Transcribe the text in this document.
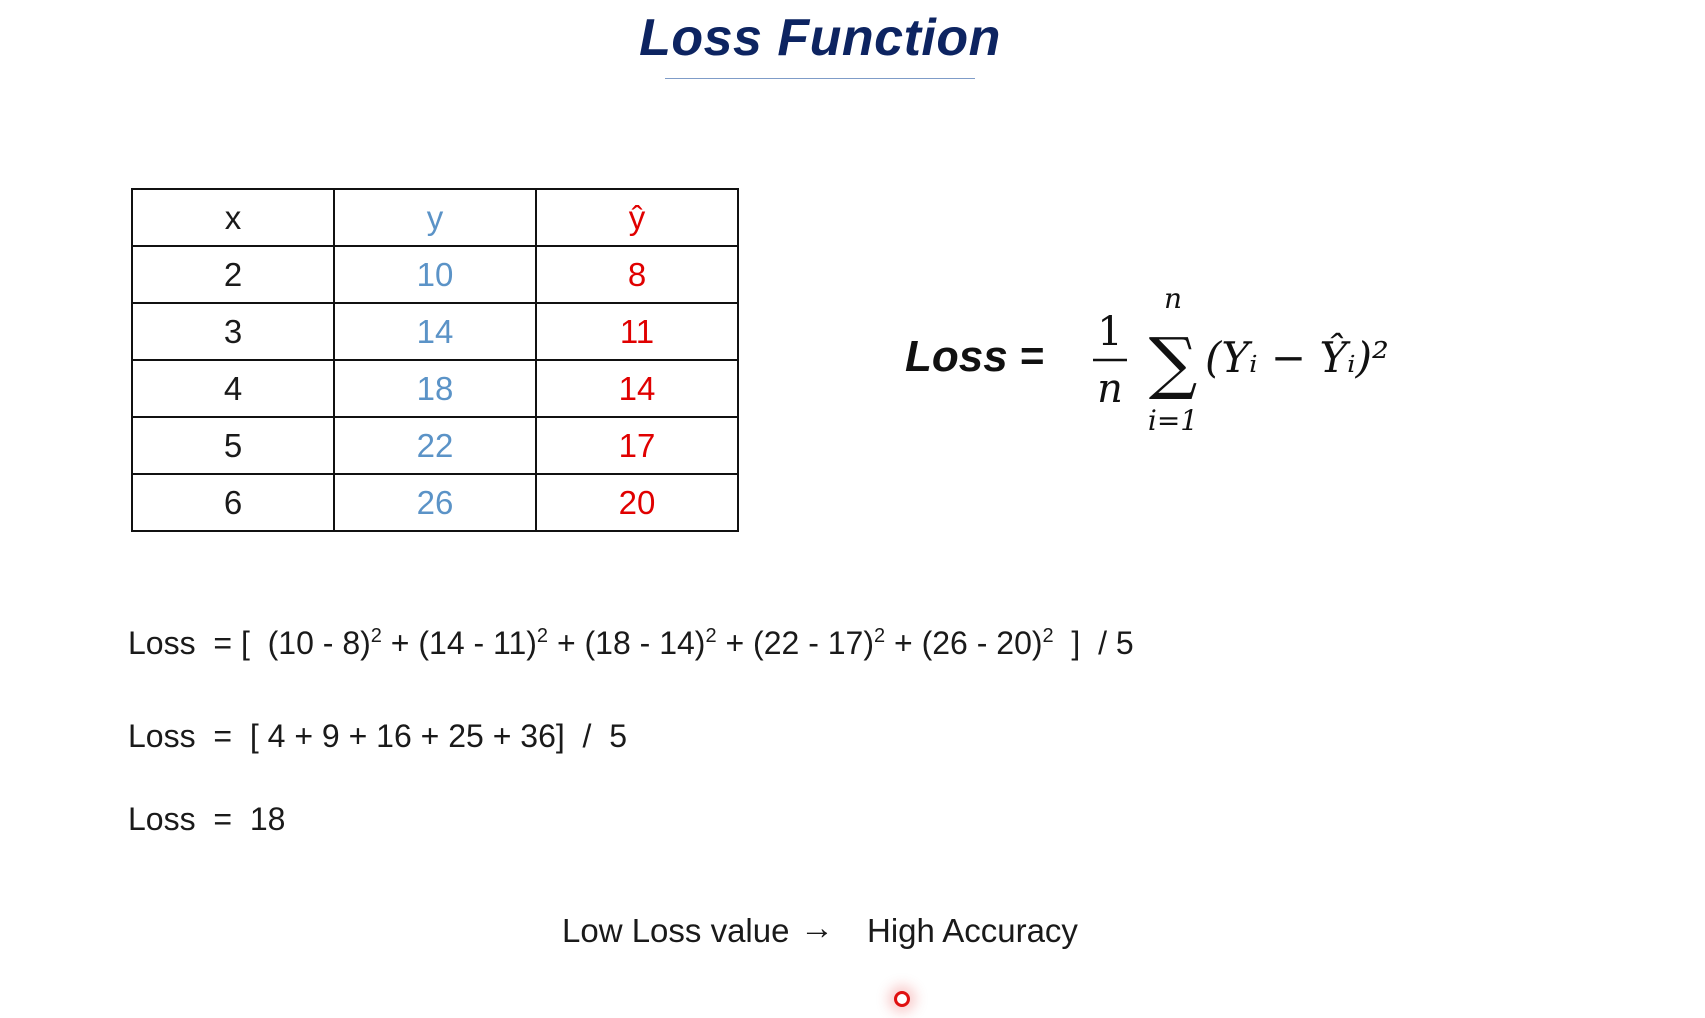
Loss Function
x	y	ŷ
2	10	8
3	14	11
4	18	14
5	22	17
6	26	20
Loss = 1
n
n
∑
i=1
(Yᵢ − Ŷᵢ)²
Loss  = [  (10 - 8)$^2$ + (14 - 11)$^2$ + (18 - 14)$^2$ + (22 - 17)$^2$ + (26 - 20)$^2$  ]  / 5
Loss  =  [ 4 + 9 + 16 + 25 + 36]  /  5
Loss  =  18
Low Loss value → High Accuracy
